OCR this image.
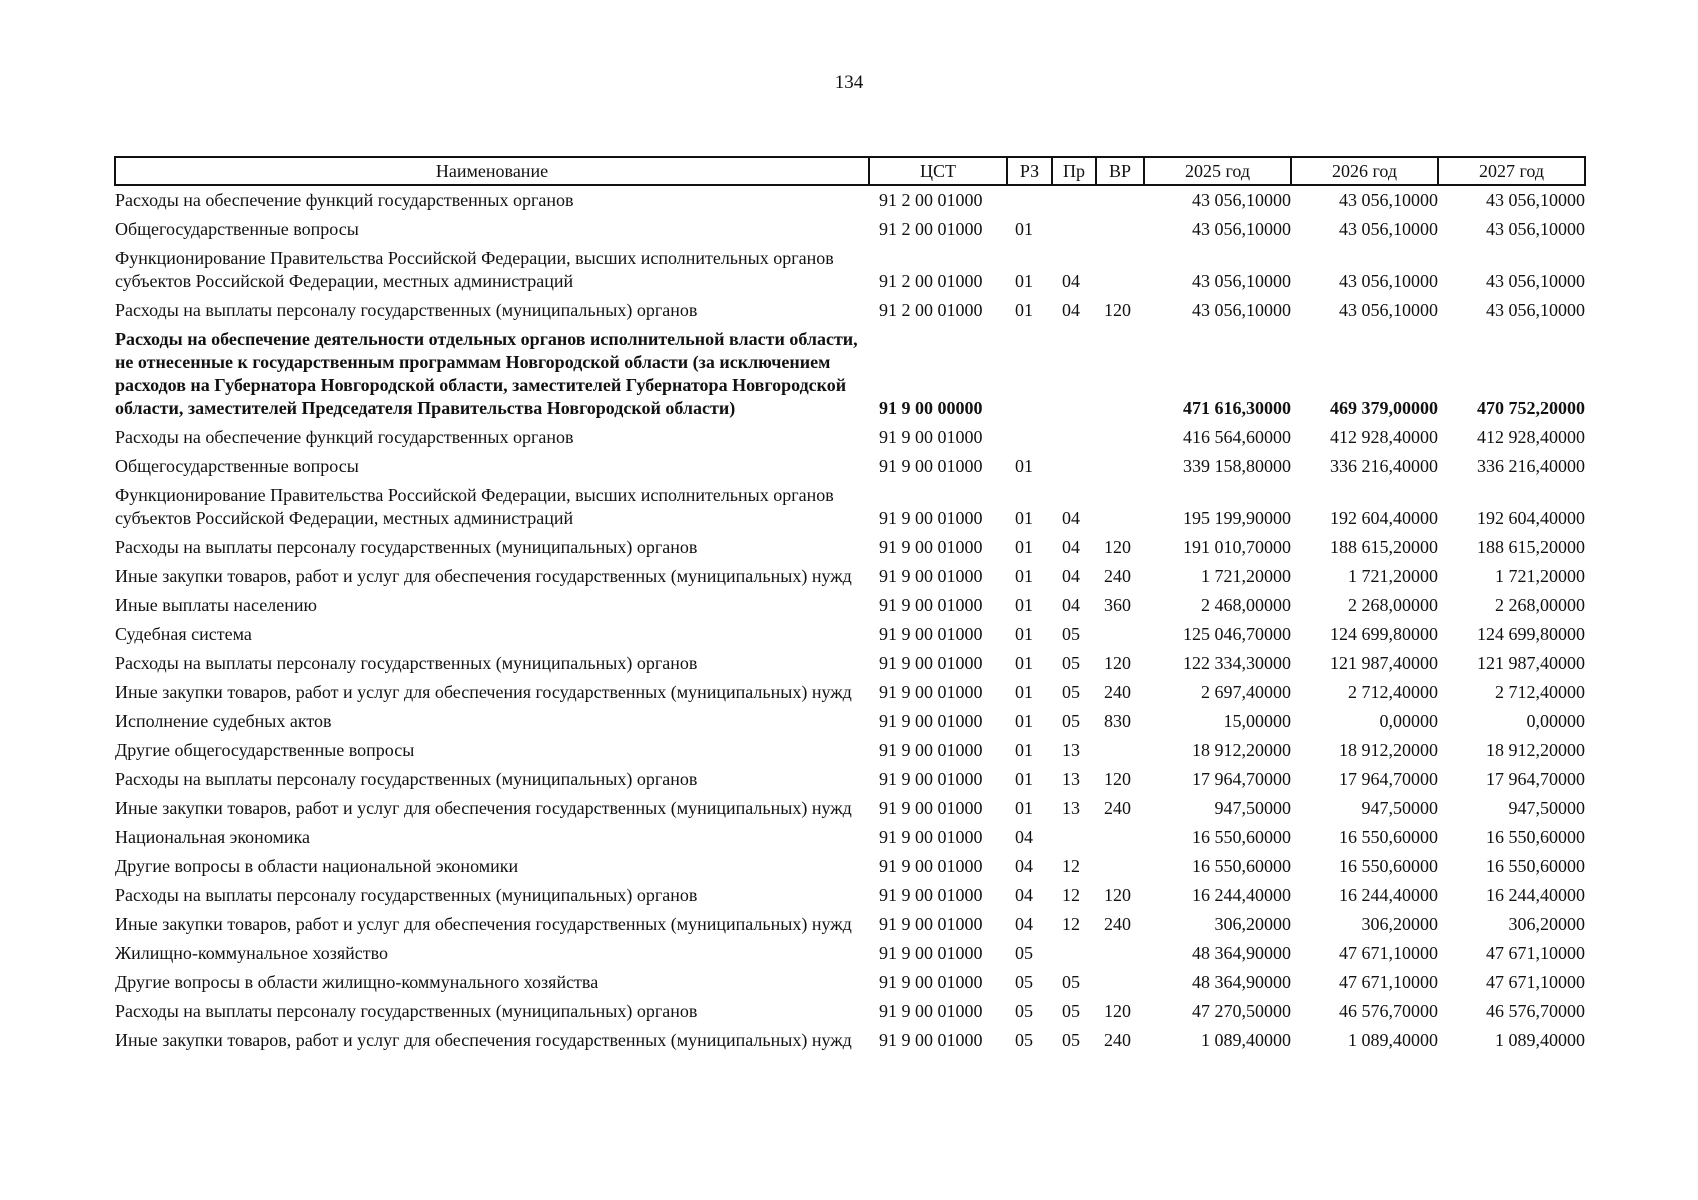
134
Наименование	ЦСТ	РЗ	Пр	ВР	2025 год	2026 год	2027 год
Расходы на обеспечение функций государственных органов	91 2 00 01000				43 056,10000	43 056,10000	43 056,10000
Общегосударственные вопросы	91 2 00 01000	01			43 056,10000	43 056,10000	43 056,10000
Функционирование Правительства Российской Федерации, высших исполнительных органов субъектов Российской Федерации, местных администраций	91 2 00 01000	01	04		43 056,10000	43 056,10000	43 056,10000
Расходы на выплаты персоналу государственных (муниципальных) органов	91 2 00 01000	01	04	120	43 056,10000	43 056,10000	43 056,10000
Расходы на обеспечение деятельности отдельных органов исполнительной власти области, не отнесенные к государственным программам Новгородской области (за исключением расходов на Губернатора Новгородской области, заместителей Губернатора Новгородской области, заместителей Председателя Правительства Новгородской области)	91 9 00 00000				471 616,30000	469 379,00000	470 752,20000
Расходы на обеспечение функций государственных органов	91 9 00 01000				416 564,60000	412 928,40000	412 928,40000
Общегосударственные вопросы	91 9 00 01000	01			339 158,80000	336 216,40000	336 216,40000
Функционирование Правительства Российской Федерации, высших исполнительных органов субъектов Российской Федерации, местных администраций	91 9 00 01000	01	04		195 199,90000	192 604,40000	192 604,40000
Расходы на выплаты персоналу государственных (муниципальных) органов	91 9 00 01000	01	04	120	191 010,70000	188 615,20000	188 615,20000
Иные закупки товаров, работ и услуг для обеспечения государственных (муниципальных) нужд	91 9 00 01000	01	04	240	1 721,20000	1 721,20000	1 721,20000
Иные выплаты населению	91 9 00 01000	01	04	360	2 468,00000	2 268,00000	2 268,00000
Судебная система	91 9 00 01000	01	05		125 046,70000	124 699,80000	124 699,80000
Расходы на выплаты персоналу государственных (муниципальных) органов	91 9 00 01000	01	05	120	122 334,30000	121 987,40000	121 987,40000
Иные закупки товаров, работ и услуг для обеспечения государственных (муниципальных) нужд	91 9 00 01000	01	05	240	2 697,40000	2 712,40000	2 712,40000
Исполнение судебных актов	91 9 00 01000	01	05	830	15,00000	0,00000	0,00000
Другие общегосударственные вопросы	91 9 00 01000	01	13		18 912,20000	18 912,20000	18 912,20000
Расходы на выплаты персоналу государственных (муниципальных) органов	91 9 00 01000	01	13	120	17 964,70000	17 964,70000	17 964,70000
Иные закупки товаров, работ и услуг для обеспечения государственных (муниципальных) нужд	91 9 00 01000	01	13	240	947,50000	947,50000	947,50000
Национальная экономика	91 9 00 01000	04			16 550,60000	16 550,60000	16 550,60000
Другие вопросы в области национальной экономики	91 9 00 01000	04	12		16 550,60000	16 550,60000	16 550,60000
Расходы на выплаты персоналу государственных (муниципальных) органов	91 9 00 01000	04	12	120	16 244,40000	16 244,40000	16 244,40000
Иные закупки товаров, работ и услуг для обеспечения государственных (муниципальных) нужд	91 9 00 01000	04	12	240	306,20000	306,20000	306,20000
Жилищно-коммунальное хозяйство	91 9 00 01000	05			48 364,90000	47 671,10000	47 671,10000
Другие вопросы в области жилищно-коммунального хозяйства	91 9 00 01000	05	05		48 364,90000	47 671,10000	47 671,10000
Расходы на выплаты персоналу государственных (муниципальных) органов	91 9 00 01000	05	05	120	47 270,50000	46 576,70000	46 576,70000
Иные закупки товаров, работ и услуг для обеспечения государственных (муниципальных) нужд	91 9 00 01000	05	05	240	1 089,40000	1 089,40000	1 089,40000
